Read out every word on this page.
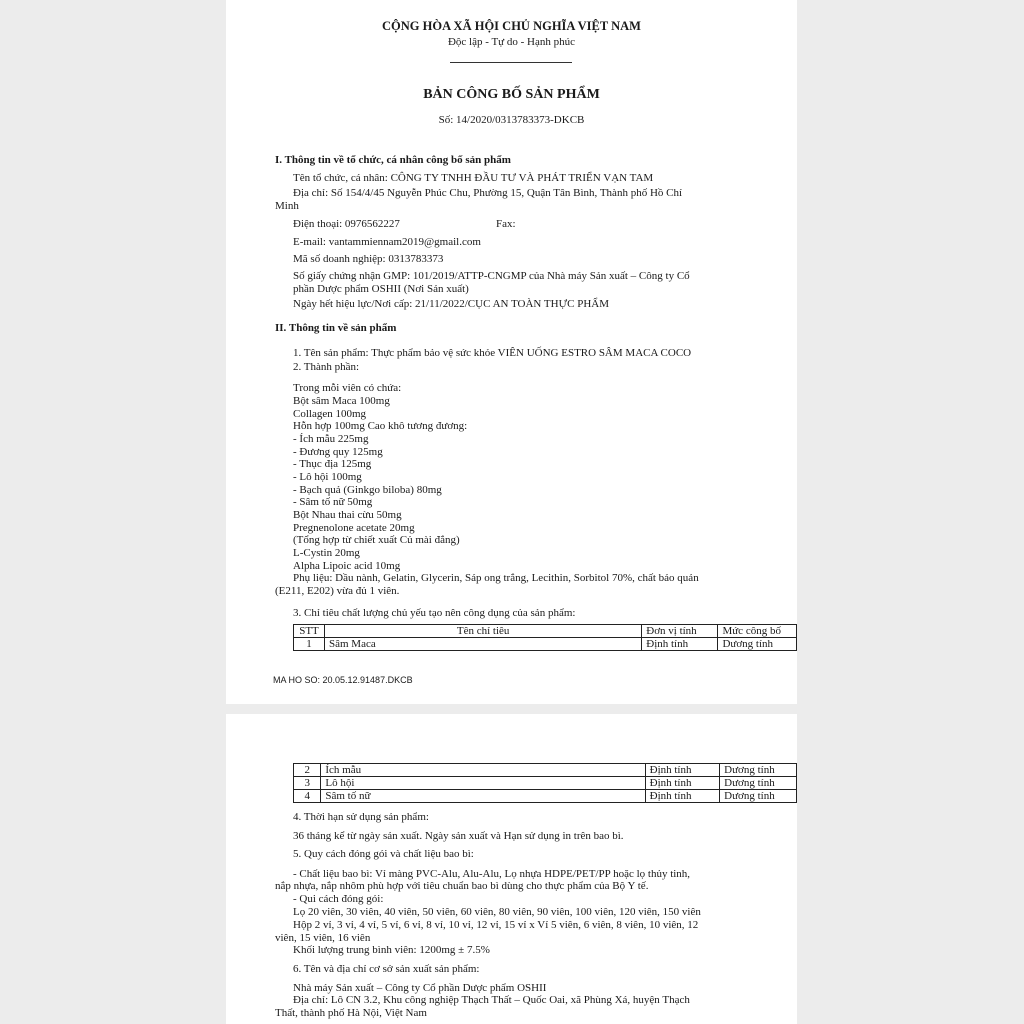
CỘNG HÒA XÃ HỘI CHỦ NGHĨA VIỆT NAM
Độc lập - Tự do - Hạnh phúc
BẢN CÔNG BỐ SẢN PHẨM
Số: 14/2020/0313783373-DKCB
I. Thông tin về tổ chức, cá nhân công bố sản phẩm
Tên tổ chức, cá nhân: CÔNG TY TNHH ĐẦU TƯ VÀ PHÁT TRIỂN VẠN TAM
Địa chỉ: Số 154/4/45 Nguyễn Phúc Chu, Phường 15, Quận Tân Bình, Thành phố Hồ Chí
Minh
Điện thoại: 0976562227	Fax:
E-mail: vantammiennam2019@gmail.com
Mã số doanh nghiệp: 0313783373
Số giấy chứng nhận GMP: 101/2019/ATTP-CNGMP của Nhà máy Sản xuất – Công ty Cổ
phần Dược phẩm OSHII (Nơi Sản xuất)
Ngày hết hiệu lực/Nơi cấp: 21/11/2022/CỤC AN TOÀN THỰC PHẨM
II. Thông tin về sản phẩm
1. Tên sản phẩm: Thực phẩm bảo vệ sức khỏe VIÊN UỐNG ESTRO SÂM MACA COCO
2. Thành phần:
Trong mỗi viên có chứa:
Bột sâm Maca 100mg
Collagen 100mg
Hỗn hợp 100mg Cao khô tương đương:
- Ích mẫu 225mg
- Đương quy 125mg
- Thục địa 125mg
- Lô hội 100mg
- Bạch quả (Ginkgo biloba) 80mg
- Sâm tố nữ 50mg
Bột Nhau thai cừu 50mg
Pregnenolone acetate 20mg
(Tổng hợp từ chiết xuất Củ mài đắng)
L-Cystin 20mg
Alpha Lipoic acid 10mg
Phụ liệu: Dầu nành, Gelatin, Glycerin, Sáp ong trắng, Lecithin, Sorbitol 70%, chất bảo quản
(E211, E202) vừa đủ 1 viên.
3. Chỉ tiêu chất lượng chủ yếu tạo nên công dụng của sản phẩm:
STT	Tên chỉ tiêu	Đơn vị tính	Mức công bố
1	Sâm Maca	Định tính	Dương tính
MA HO SO: 20.05.12.91487.DKCB
2	Ích mẫu	Định tính	Dương tính
3	Lô hội	Định tính	Dương tính
4	Sâm tố nữ	Định tính	Dương tính
4. Thời hạn sử dụng sản phẩm:
36 tháng kể từ ngày sản xuất. Ngày sản xuất và Hạn sử dụng in trên bao bì.
5. Quy cách đóng gói và chất liệu bao bì:
- Chất liệu bao bì: Vỉ màng PVC-Alu, Alu-Alu, Lọ nhựa HDPE/PET/PP hoặc lọ thủy tinh,
nắp nhựa, nắp nhôm phù hợp với tiêu chuẩn bao bì dùng cho thực phẩm của Bộ Y tế.
- Qui cách đóng gói:
Lọ 20 viên, 30 viên, 40 viên, 50 viên, 60 viên, 80 viên, 90 viên, 100 viên, 120 viên, 150 viên
Hộp 2 vỉ, 3 vỉ, 4 vỉ, 5 vỉ, 6 vỉ, 8 vỉ, 10 vỉ, 12 vỉ, 15 vỉ x Vỉ 5 viên, 6 viên, 8 viên, 10 viên, 12
viên, 15 viên, 16 viên
Khối lượng trung bình viên: 1200mg ± 7.5%
6. Tên và địa chỉ cơ sở sản xuất sản phẩm:
Nhà máy Sản xuất – Công ty Cổ phần Dược phẩm OSHII
Địa chỉ: Lô CN 3.2, Khu công nghiệp Thạch Thất – Quốc Oai, xã Phùng Xá, huyện Thạch
Thất, thành phố Hà Nội, Việt Nam
